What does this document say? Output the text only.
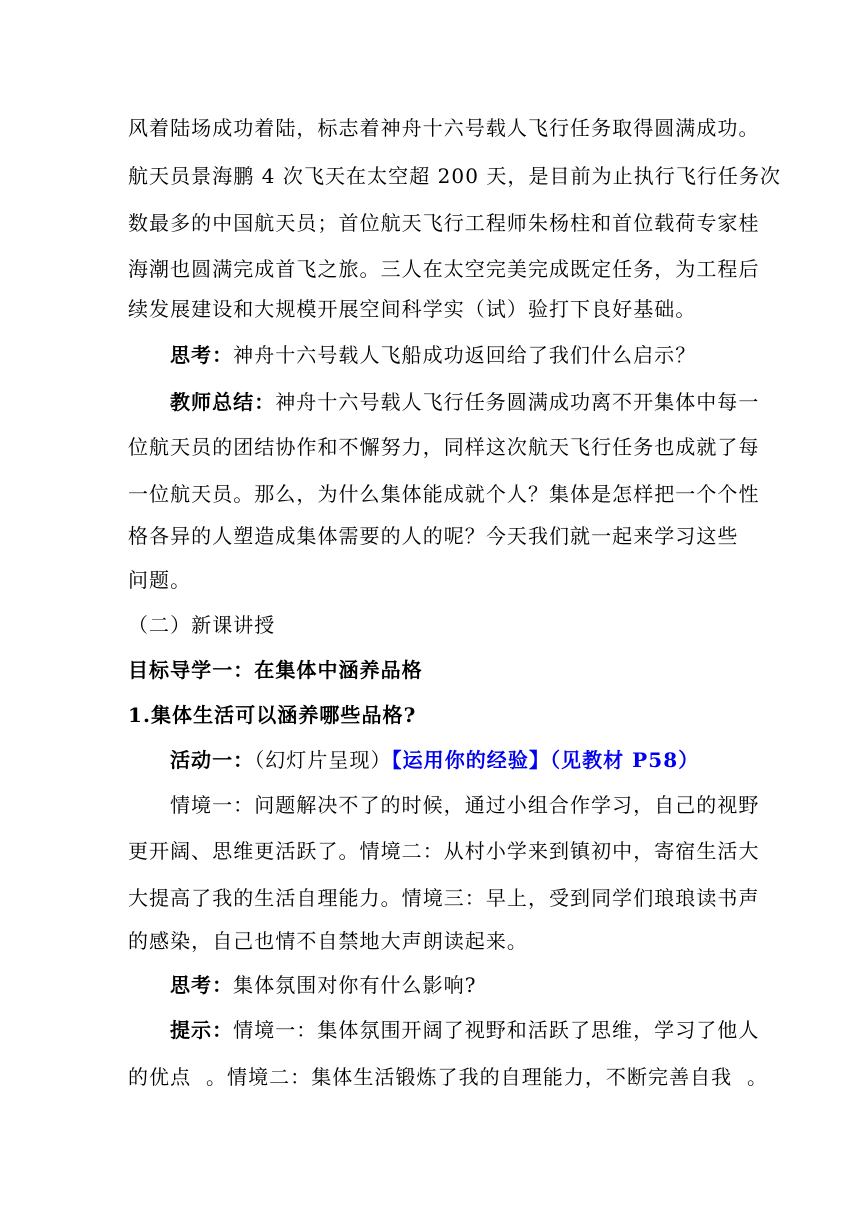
风着陆场成功着陆，标志着神舟十六号载人飞行任务取得圆满成功。
航天员景海鹏 4 次飞天在太空超 200 天，是目前为止执行飞行任务次
数最多的中国航天员；首位航天飞行工程师朱杨柱和首位载荷专家桂
海潮也圆满完成首飞之旅。三人在太空完美完成既定任务，为工程后
续发展建设和大规模开展空间科学实（试）验打下良好基础。
思考：神舟十六号载人飞船成功返回给了我们什么启示？
教师总结：神舟十六号载人飞行任务圆满成功离不开集体中每一
位航天员的团结协作和不懈努力，同样这次航天飞行任务也成就了每
一位航天员。那么，为什么集体能成就个人？集体是怎样把一个个性
格各异的人塑造成集体需要的人的呢？今天我们就一起来学习这些
问题。
（二）新课讲授
目标导学一：在集体中涵养品格
1.集体生活可以涵养哪些品格?
活动一：（幻灯片呈现）【运用你的经验】（见教材 P58）
情境一：问题解决不了的时候，通过小组合作学习，自己的视野
更开阔、思维更活跃了。情境二：从村小学来到镇初中，寄宿生活大
大提高了我的生活自理能力。情境三：早上，受到同学们琅琅读书声
的感染，自己也情不自禁地大声朗读起来。
思考：集体氛围对你有什么影响?
提示：情境一：集体氛围开阔了视野和活跃了思维，学习了他人
的优点  。情境二：集体生活锻炼了我的自理能力，不断完善自我  。
